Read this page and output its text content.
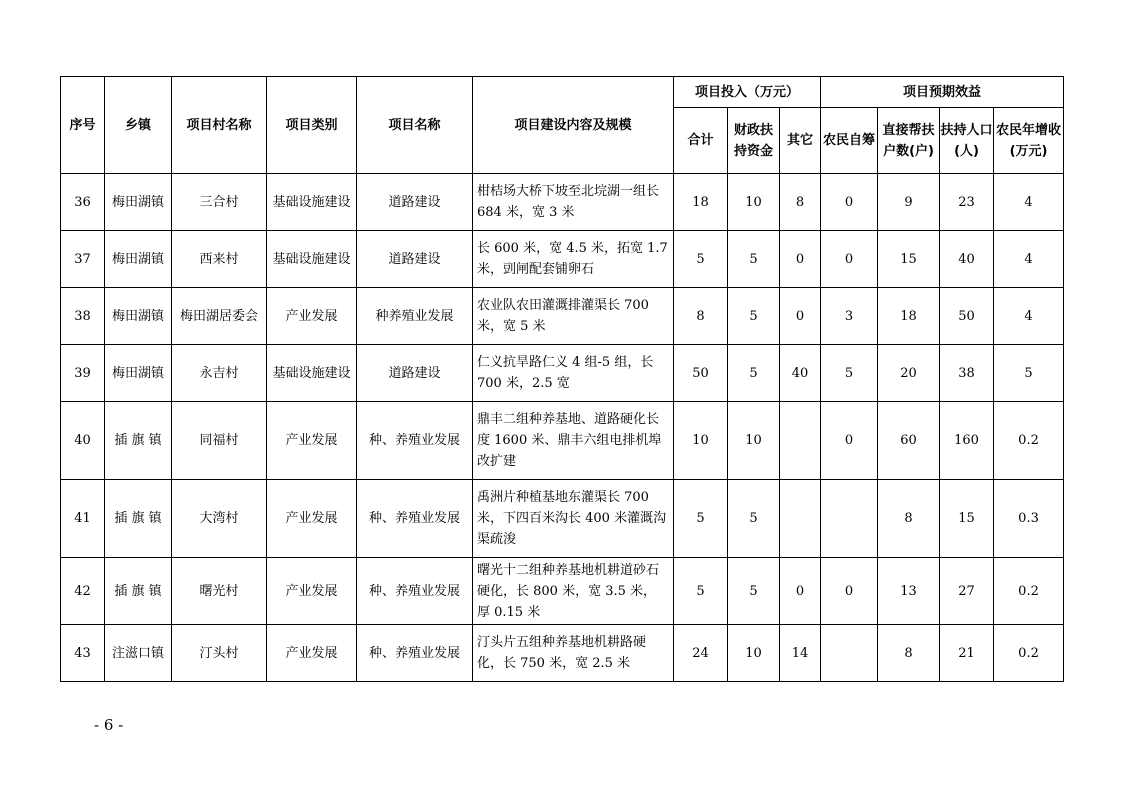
序号	乡镇	项目村名称	项目类别	项目名称	项目建设内容及规模	项目投入（万元）			项目预期效益			
						合计	财政扶持资金	其它	农民自筹	直接帮扶户数(户)	扶持人口(人)	农民年增收(万元)
36	梅田湖镇	三合村	基础设施建设	道路建设	柑桔场大桥下坡至北垸湖一组长 684 米，宽 3 米	18	10	8	0	9	23	4
37	梅田湖镇	西来村	基础设施建设	道路建设	长 600 米，宽 4.5 米，拓宽 1.7 米，剅闸配套铺卵石	5	5	0	0	15	40	4
38	梅田湖镇	梅田湖居委会	产业发展	种养殖业发展	农业队农田灌溉排灌渠长 700 米，宽 5 米	8	5	0	3	18	50	4
39	梅田湖镇	永吉村	基础设施建设	道路建设	仁义抗旱路仁义 4 组-5 组，长 700 米，2.5 宽	50	5	40	5	20	38	5
40	插 旗 镇	同福村	产业发展	种、养殖业发展	鼎丰二组种养基地、道路硬化长度 1600 米、鼎丰六组电排机埠改扩建	10	10		0	60	160	0.2
41	插 旗 镇	大湾村	产业发展	种、养殖业发展	禹洲片种植基地东灌渠长 700 米，下四百米沟长 400 米灌溉沟渠疏浚	5	5			8	15	0.3
42	插 旗 镇	曙光村	产业发展	种、养殖业发展	曙光十二组种养基地机耕道砂石硬化，长 800 米，宽 3.5 米，厚 0.15 米	5	5	0	0	13	27	0.2
43	注滋口镇	汀头村	产业发展	种、养殖业发展	汀头片五组种养基地机耕路硬化，长 750 米，宽 2.5 米	24	10	14		8	21	0.2
- 6 -
